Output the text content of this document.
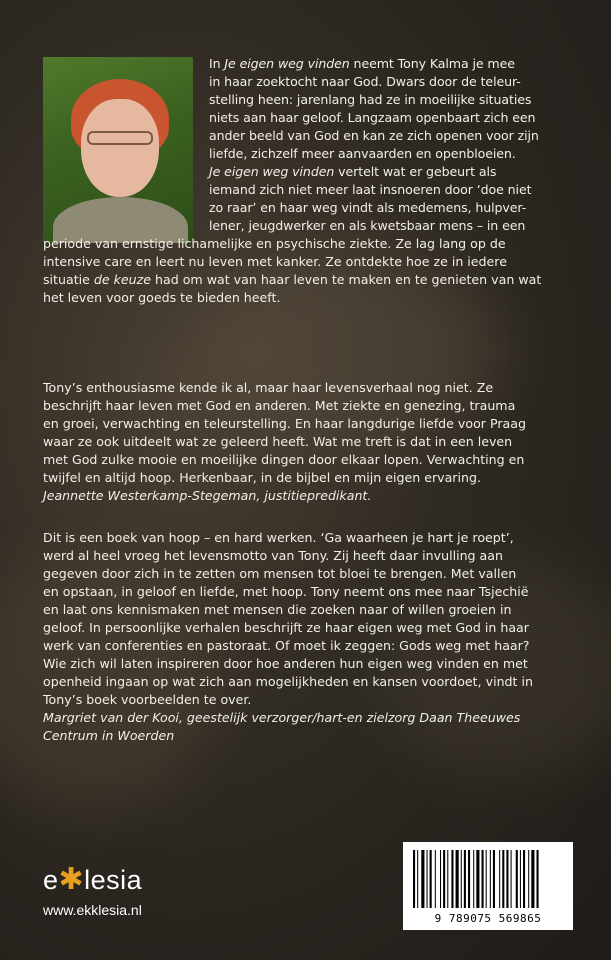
In Je eigen weg vinden neemt Tony Kalma je mee

in haar zoektocht naar God. Dwars door de teleur-

stelling heen: jarenlang had ze in moeilijke situaties

niets aan haar geloof. Langzaam openbaart zich een

ander beeld van God en kan ze zich openen voor zijn

liefde, zichzelf meer aanvaarden en openbloeien.

Je eigen weg vinden vertelt wat er gebeurt als

iemand zich niet meer laat insnoeren door ‘doe niet

zo raar’ en haar weg vindt als medemens, hulpver-

lener, jeugdwerker en als kwetsbaar mens – in een

periode van ernstige lichamelijke en psychische ziekte. Ze lag lang op de

intensive care en leert nu leven met kanker. Ze ontdekte hoe ze in iedere

situatie de keuze had om wat van haar leven te maken en te genieten van wat

het leven voor goeds te bieden heeft.

Tony’s enthousiasme kende ik al, maar haar levensverhaal nog niet. Ze

beschrijft haar leven met God en anderen. Met ziekte en genezing, trauma

en groei, verwachting en teleurstelling. En haar langdurige liefde voor Praag

waar ze ook uitdeelt wat ze geleerd heeft. Wat me treft is dat in een leven

met God zulke mooie en moeilijke dingen door elkaar lopen. Verwachting en

twijfel en altijd hoop. Herkenbaar, in de bijbel en mijn eigen ervaring.

Jeannette Westerkamp-Stegeman, justitiepredikant.

Dit is een boek van hoop – en hard werken. ‘Ga waarheen je hart je roept’,

werd al heel vroeg het levensmotto van Tony. Zij heeft daar invulling aan

gegeven door zich in te zetten om mensen tot bloei te brengen. Met vallen

en opstaan, in geloof en liefde, met hoop. Tony neemt ons mee naar Tsjechië

en laat ons kennismaken met mensen die zoeken naar of willen groeien in

geloof. In persoonlijke verhalen beschrijft ze haar eigen weg met God in haar

werk van conferenties en pastoraat. Of moet ik zeggen: Gods weg met haar?

Wie zich wil laten inspireren door hoe anderen hun eigen weg vinden en met

openheid ingaan op wat zich aan mogelijkheden en kansen voordoet, vindt in

Tony’s boek voorbeelden te over.

Margriet van der Kooi, geestelijk verzorger/hart-en zielzorg Daan Theeuwes

Centrum in Woerden

e✱lesia
www.ekklesia.nl
9 789075 569865
